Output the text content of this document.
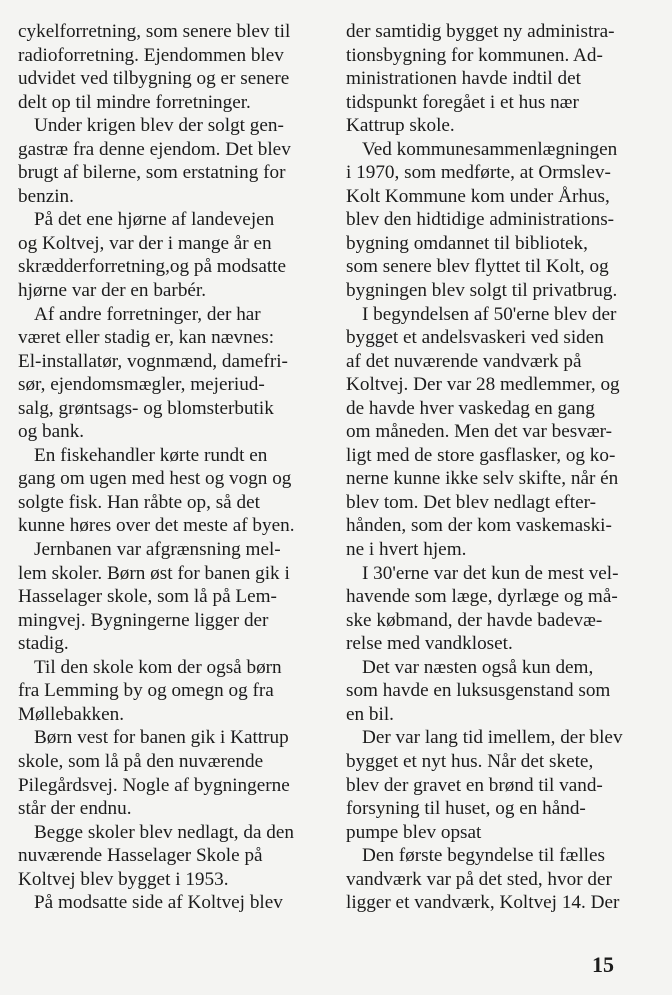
cykelforretning, som senere blev til
radioforretning. Ejendommen blev
udvidet ved tilbygning og er senere
delt op til mindre forretninger.
Under krigen blev der solgt gen-
gastræ fra denne ejendom. Det blev
brugt af bilerne, som erstatning for
benzin.
På det ene hjørne af landevejen
og Koltvej, var der i mange år en
skrædderforretning,og på modsatte
hjørne var der en barbér.
Af andre forretninger, der har
været eller stadig er, kan nævnes:
El-installatør, vognmænd, damefri-
sør, ejendomsmægler, mejeriud-
salg, grøntsags- og blomsterbutik
og bank.
En fiskehandler kørte rundt en
gang om ugen med hest og vogn og
solgte fisk. Han råbte op, så det
kunne høres over det meste af byen.
Jernbanen var afgrænsning mel-
lem skoler. Børn øst for banen gik i
Hasselager skole, som lå på Lem-
mingvej. Bygningerne ligger der
stadig.
Til den skole kom der også børn
fra Lemming by og omegn og fra
Møllebakken.
Børn vest for banen gik i Kattrup
skole, som lå på den nuværende
Pilegårdsvej. Nogle af bygningerne
står der endnu.
Begge skoler blev nedlagt, da den
nuværende Hasselager Skole på
Koltvej blev bygget i 1953.
På modsatte side af Koltvej blev
der samtidig bygget ny administra-
tionsbygning for kommunen. Ad-
ministrationen havde indtil det
tidspunkt foregået i et hus nær
Kattrup skole.
Ved kommunesammenlægningen
i 1970, som medførte, at Ormslev-
Kolt Kommune kom under Århus,
blev den hidtidige administrations-
bygning omdannet til bibliotek,
som senere blev flyttet til Kolt, og
bygningen blev solgt til privatbrug.
I begyndelsen af 50'erne blev der
bygget et andelsvaskeri ved siden
af det nuværende vandværk på
Koltvej. Der var 28 medlemmer, og
de havde hver vaskedag en gang
om måneden. Men det var besvær-
ligt med de store gasflasker, og ko-
nerne kunne ikke selv skifte, når én
blev tom. Det blev nedlagt efter-
hånden, som der kom vaskemaski-
ne i hvert hjem.
I 30'erne var det kun de mest vel-
havende som læge, dyrlæge og må-
ske købmand, der havde badevæ-
relse med vandkloset.
Det var næsten også kun dem,
som havde en luksusgenstand som
en bil.
Der var lang tid imellem, der blev
bygget et nyt hus. Når det skete,
blev der gravet en brønd til vand-
forsyning til huset, og en hånd-
pumpe blev opsat
Den første begyndelse til fælles
vandværk var på det sted, hvor der
ligger et vandværk, Koltvej 14. Der
15
